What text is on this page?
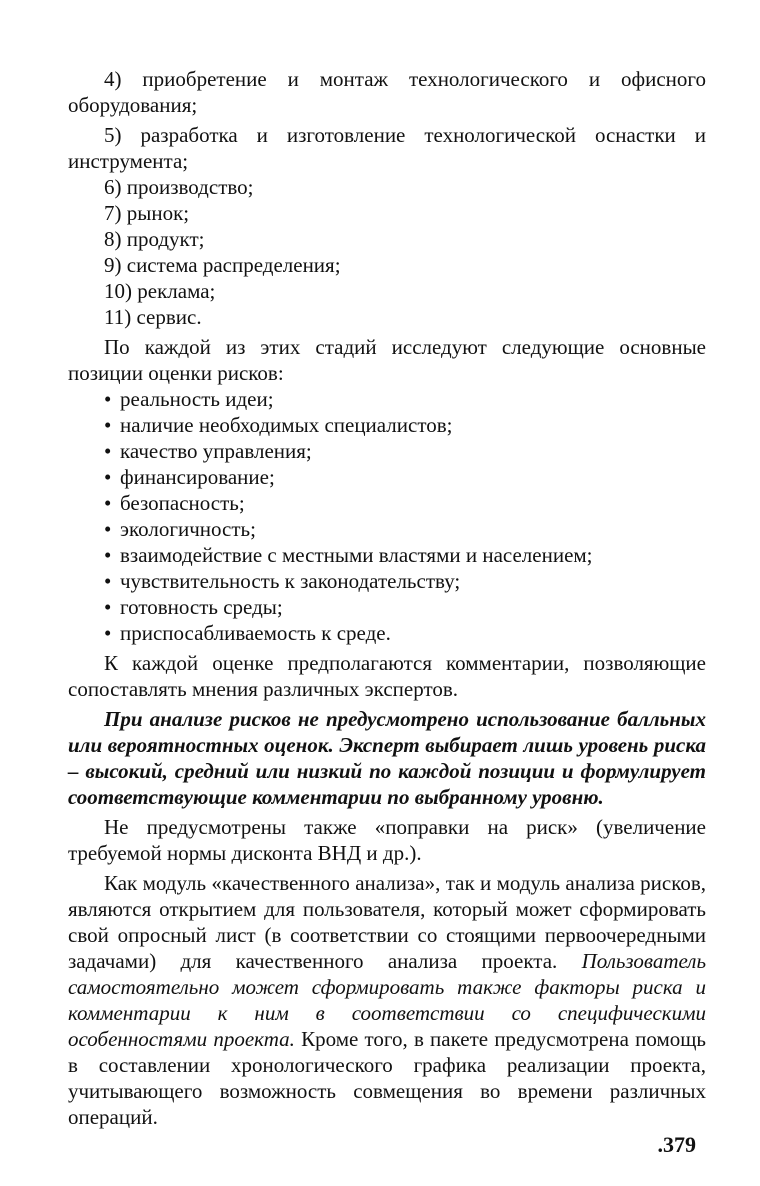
4) приобретение и монтаж технологического и офисного оборудования;

5) разработка и изготовление технологической оснастки и инструмента;

6) производство;

7) рынок;

8) продукт;

9) система распределения;

10) реклама;

11) сервис.

По каждой из этих стадий исследуют следующие основные позиции оценки рисков:

• реальность идеи;
• наличие необходимых специалистов;
• качество управления;
• финансирование;
• безопасность;
• экологичность;
• взаимодействие с местными властями и населением;
• чувствительность к законодательству;
• готовность среды;
• приспосабливаемость к среде.

К каждой оценке предполагаются комментарии, позволяющие сопоставлять мнения различных экспертов.

При анализе рисков не предусмотрено использование балльных или вероятностных оценок. Эксперт выбирает лишь уровень риска – высокий, средний или низкий по каждой позиции и формулирует соответствующие комментарии по выбранному уровню.

Не предусмотрены также «поправки на риск» (увеличение требуемой нормы дисконта ВНД и др.).

Как модуль «качественного анализа», так и модуль анализа рисков, являются открытием для пользователя, который может сформировать свой опросный лист (в соответствии со стоящими первоочередными задачами) для качественного анализа проекта. Пользователь самостоятельно может сформировать также факторы риска и комментарии к ним в соответствии со специфическими особенностями проекта. Кроме того, в пакете предусмотрена помощь в составлении хронологического графика реализации проекта, учитывающего возможность совмещения во времени различных операций.

.379
